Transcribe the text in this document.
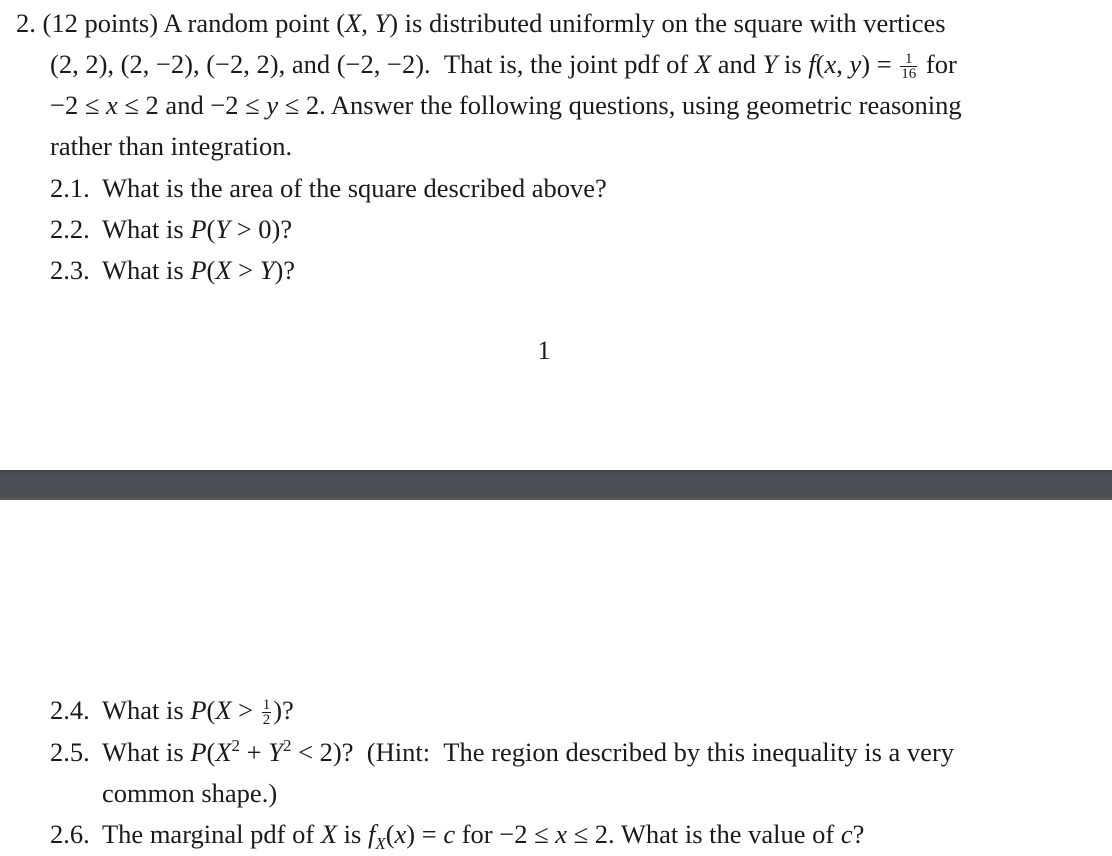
2. (12 points) A random point (X, Y) is distributed uniformly on the square with vertices
(2, 2), (2, −2), (−2, 2), and (−2, −2).  That is, the joint pdf of X and Y is f(x, $y) = \frac{1}{16}$ for
−2 ≤ x ≤ 2 and −2 ≤ y ≤ 2. Answer the following questions, using geometric reasoning
rather than integration.
2.1. What is the area of the square described above?
2.2. What is P(Y > 0)?
2.3. What is P(X > Y)?
1
2.4. What is $P(X > \frac{1}{2}$ )?
2.5. What is $P(X^2 + Y^2 < 2)$?  (Hint:  The region described by this inequality is a very
common shape.)
2.6. The marginal pdf of X is $f_X(x) = c$ for −2 ≤ x ≤ 2. What is the value of c?
